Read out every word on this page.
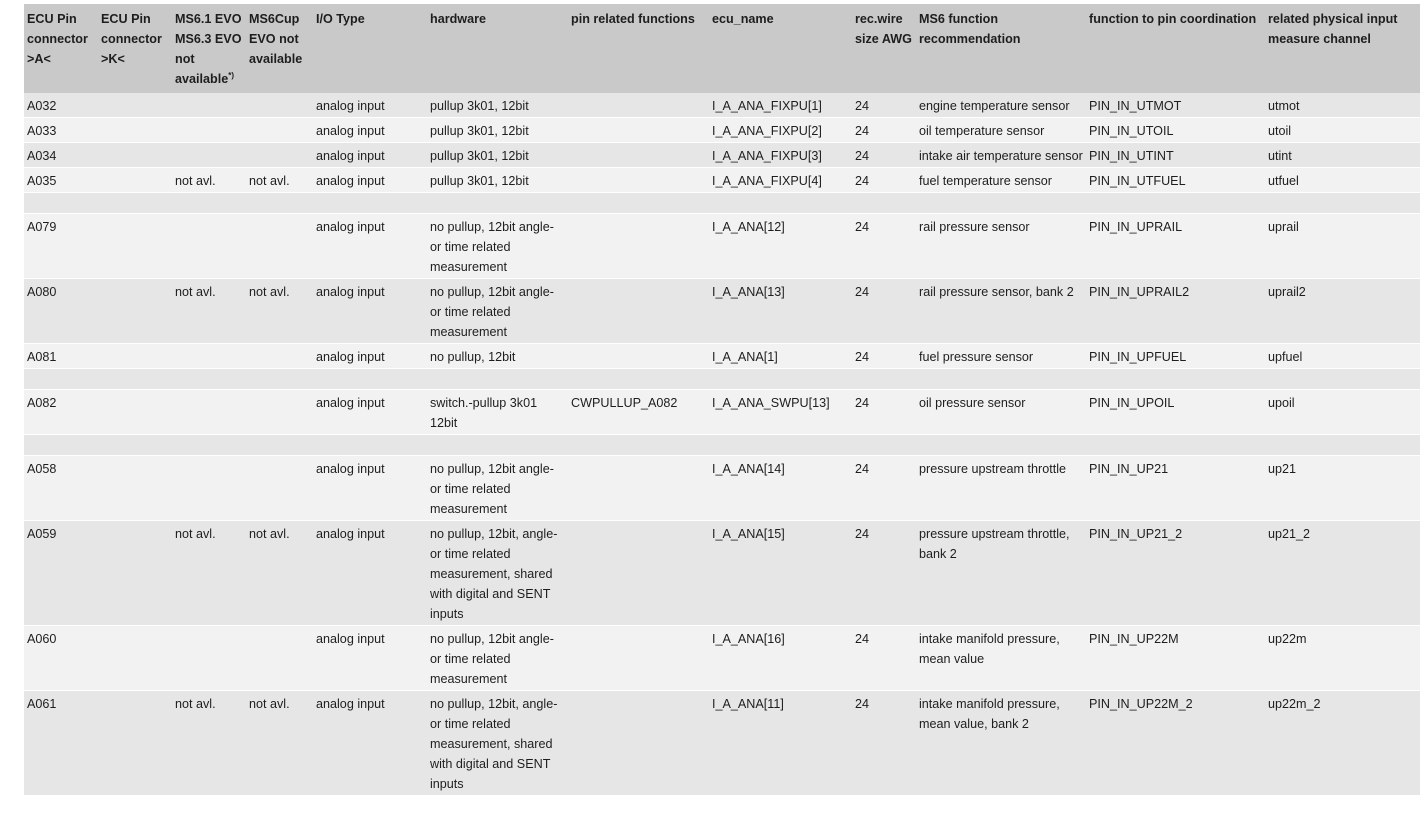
ECU Pin connector >A<	ECU Pin connector >K<	MS6.1 EVO MS6.3 EVO not available*)	MS6Cup EVO not available	I/O Type	hardware	pin related functions	ecu_name	rec.wire size AWG	MS6 function recommendation	function to pin coordination	related physical input measure channel
A032				analog input	pullup 3k01, 12bit		I_A_ANA_FIXPU[1]	24	engine temperature sensor	PIN_IN_UTMOT	utmot
A033				analog input	pullup 3k01, 12bit		I_A_ANA_FIXPU[2]	24	oil temperature sensor	PIN_IN_UTOIL	utoil
A034				analog input	pullup 3k01, 12bit		I_A_ANA_FIXPU[3]	24	intake air temperature sensor	PIN_IN_UTINT	utint
A035		not avl.	not avl.	analog input	pullup 3k01, 12bit		I_A_ANA_FIXPU[4]	24	fuel temperature sensor	PIN_IN_UTFUEL	utfuel

A079				analog input	no pullup, 12bit angle- or time related measurement		I_A_ANA[12]	24	rail pressure sensor	PIN_IN_UPRAIL	uprail
A080		not avl.	not avl.	analog input	no pullup, 12bit angle- or time related measurement		I_A_ANA[13]	24	rail pressure sensor, bank 2	PIN_IN_UPRAIL2	uprail2
A081				analog input	no pullup, 12bit		I_A_ANA[1]	24	fuel pressure sensor	PIN_IN_UPFUEL	upfuel

A082				analog input	switch.-pullup 3k01 12bit	CWPULLUP_A082	I_A_ANA_SWPU[13]	24	oil pressure sensor	PIN_IN_UPOIL	upoil

A058				analog input	no pullup, 12bit angle- or time related measurement		I_A_ANA[14]	24	pressure upstream throttle	PIN_IN_UP21	up21
A059		not avl.	not avl.	analog input	no pullup, 12bit, angle- or time related measurement, shared with digital and SENT inputs		I_A_ANA[15]	24	pressure upstream throttle, bank 2	PIN_IN_UP21_2	up21_2
A060				analog input	no pullup, 12bit angle- or time related measurement		I_A_ANA[16]	24	intake manifold pressure, mean value	PIN_IN_UP22M	up22m
A061		not avl.	not avl.	analog input	no pullup, 12bit, angle- or time related measurement, shared with digital and SENT inputs		I_A_ANA[11]	24	intake manifold pressure, mean value, bank 2	PIN_IN_UP22M_2	up22m_2
